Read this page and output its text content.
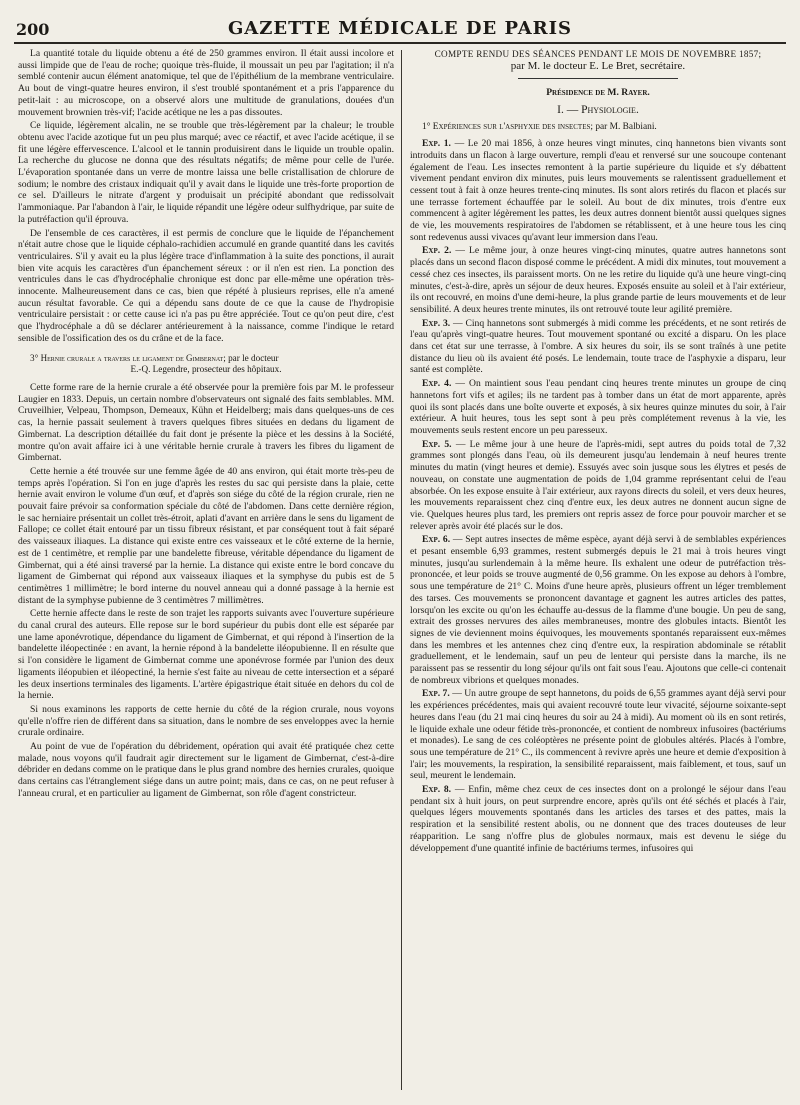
200	GAZETTE MÉDICALE DE PARIS

La quantité totale du liquide obtenu a été de 250 grammes environ. Il était aussi incolore et aussi limpide que de l'eau de roche; quoique très-fluide, il moussait un peu par l'agitation; il n'a semblé contenir aucun élément anatomique, tel que de l'épithélium de la membrane ventriculaire. Au bout de vingt-quatre heures environ, il s'est troublé spontanément et a pris l'apparence du petit-lait : au microscope, on a observé alors une multitude de granulations, douées d'un mouvement brownien très-vif; l'acide acétique ne les a pas dissoutes.

Ce liquide, légèrement alcalin, ne se trouble que très-légèrement par la chaleur; le trouble obtenu avec l'acide azotique fut un peu plus marqué; avec ce réactif, et avec l'acide acétique, il se fit une légère effervescence. L'alcool et le tannin produisirent dans le liquide un trouble opalin. La recherche du glucose ne donna que des résultats négatifs; de même pour celle de l'urée. L'évaporation spontanée dans un verre de montre laissa une belle cristallisation de chlorure de sodium; le nombre des cristaux indiquait qu'il y avait dans le liquide une très-forte proportion de ce sel. D'ailleurs le nitrate d'argent y produisait un précipité abondant que redissolvait l'ammoniaque. Par l'abandon à l'air, le liquide répandit une légère odeur sulfhydrique, par suite de la putréfaction qu'il éprouva.

De l'ensemble de ces caractères, il est permis de conclure que le liquide de l'épanchement n'était autre chose que le liquide céphalo-rachidien accumulé en grande quantité dans les cavités ventriculaires. S'il y avait eu la plus légère trace d'inflammation à la suite des ponctions, il aurait bien vite acquis les caractères d'un épanchement séreux : or il n'en est rien. La ponction des ventricules dans le cas d'hydrocéphalie chronique est donc par elle-même une opération très-innocente. Malheureusement dans ce cas, bien que répété à plusieurs reprises, elle n'a amené aucun résultat favorable. Ce qui a dépendu sans doute de ce que la cause de l'hydropisie ventriculaire persistait : or cette cause ici n'a pas pu être appréciée. Tout ce qu'on peut dire, c'est que l'hydrocéphale a dû se déclarer antérieurement à la naissance, comme l'indique le retard sensible de l'ossification des os du crâne et de la face.

3° Hernie crurale a travers le ligament de Gimbernat; par le docteur
E.-Q. Legendre, prosecteur des hôpitaux.

Cette forme rare de la hernie crurale a été observée pour la première fois par M. le professeur Laugier en 1833. Depuis, un certain nombre d'observateurs ont signalé des faits semblables. MM. Cruveilhier, Velpeau, Thompson, Demeaux, Kühn et Heidelberg; mais dans quelques-uns de ces cas, la hernie passait seulement à travers quelques fibres situées en dedans du ligament de Gimbernat. La description détaillée du fait dont je présente la pièce et les dessins à la Société, montre qu'on avait affaire ici à une véritable hernie crurale à travers les fibres du ligament de Gimbernat.

Cette hernie a été trouvée sur une femme âgée de 40 ans environ, qui était morte très-peu de temps après l'opération. Si l'on en juge d'après les restes du sac qui persiste dans la plaie, cette hernie avait environ le volume d'un œuf, et d'après son siége du côté de la région crurale, rien ne pouvait faire prévoir sa conformation spéciale du côté de l'abdomen. Dans cette dernière région, le sac herniaire présentait un collet très-étroit, aplati d'avant en arrière dans le sens du ligament de Fallope; ce collet était entouré par un tissu fibreux résistant, et par conséquent tout à fait séparé des vaisseaux iliaques. La distance qui existe entre ces vaisseaux et le côté externe de la hernie, est de 1 centimètre, et remplie par une bandelette fibreuse, véritable dépendance du ligament de Gimbernat, qui a été ainsi traversé par la hernie. La distance qui existe entre le bord concave du ligament de Gimbernat qui répond aux vaisseaux iliaques et la symphyse du pubis est de 5 centimètres 1 millimètre; le bord interne du nouvel anneau qui a donné passage à la hernie est distant de la symphyse pubienne de 3 centimètres 7 millimètres.

Cette hernie affecte dans le reste de son trajet les rapports suivants avec l'ouverture supérieure du canal crural des auteurs. Elle repose sur le bord supérieur du pubis dont elle est séparée par une lame aponévrotique, dépendance du ligament de Gimbernat, et qui répond à l'insertion de la bandelette iléopectinée : en avant, la hernie répond à la bandelette iléopubienne. Il en résulte que si l'on considère le ligament de Gimbernat comme une aponévrose formée par l'union des deux ligaments iléopubien et iléopectiné, la hernie s'est faite au niveau de cette intersection et a séparé les deux insertions terminales des ligaments. L'artère épigastrique était située en dehors du col de la hernie.

Si nous examinons les rapports de cette hernie du côté de la région crurale, nous voyons qu'elle n'offre rien de différent dans sa situation, dans le nombre de ses enveloppes avec la hernie crurale ordinaire.

Au point de vue de l'opération du débridement, opération qui avait été pratiquée chez cette malade, nous voyons qu'il faudrait agir directement sur le ligament de Gimbernat, c'est-à-dire débrider en dedans comme on le pratique dans le plus grand nombre des hernies crurales, quoique dans certains cas l'étranglement siége dans un autre point; mais, dans ce cas, on ne peut refuser à l'anneau crural, et en particulier au ligament de Gimbernat, son rôle d'agent constricteur.

COMPTE RENDU DES SÉANCES PENDANT LE MOIS DE NOVEMBRE 1857;
par M. le docteur E. Le Bret, secrétaire.
Présidence de M. Rayer.
I. — Physiologie.
1° Expériences sur l'asphyxie des insectes; par M. Balbiani.

Exp. 1. — Le 20 mai 1856, à onze heures vingt minutes, cinq hannetons bien vivants sont introduits dans un flacon à large ouverture, rempli d'eau et renversé sur une soucoupe contenant également de l'eau. Les insectes remontent à la partie supérieure du liquide et s'y débattent vivement pendant environ dix minutes, puis leurs mouvements se ralentissent graduellement et cessent tout à fait à onze heures trente-cinq minutes. Ils sont alors retirés du flacon et placés sur une terrasse fortement échauffée par le soleil. Au bout de dix minutes, trois d'entre eux commencent à agiter légèrement les pattes, les deux autres donnent bientôt aussi quelques signes de vie, les mouvements respiratoires de l'abdomen se rétablissent, et à une heure tous les cinq sont redevenus aussi vivaces qu'avant leur immersion dans l'eau.

Exp. 2. — Le même jour, à onze heures vingt-cinq minutes, quatre autres hannetons sont placés dans un second flacon disposé comme le précédent. A midi dix minutes, tout mouvement a cessé chez ces insectes, ils paraissent morts. On ne les retire du liquide qu'à une heure vingt-cinq minutes, c'est-à-dire, après un séjour de deux heures. Exposés ensuite au soleil et à l'air extérieur, ils ont recouvré, en moins d'une demi-heure, la plus grande partie de leurs mouvements et de leur sensibilité. A deux heures trente minutes, ils ont retrouvé toute leur agilité première.

Exp. 3. — Cinq hannetons sont submergés à midi comme les précédents, et ne sont retirés de l'eau qu'après vingt-quatre heures. Tout mouvement spontané ou excité a disparu. On les place dans cet état sur une terrasse, à l'ombre. A six heures du soir, ils se sont traînés à une petite distance du lieu où ils avaient été posés. Le lendemain, toute trace de l'asphyxie a disparu, leur santé est complète.

Exp. 4. — On maintient sous l'eau pendant cinq heures trente minutes un groupe de cinq hannetons fort vifs et agiles; ils ne tardent pas à tomber dans un état de mort apparente, après quoi ils sont placés dans une boîte ouverte et exposés, à six heures quinze minutes du soir, à l'air extérieur. A huit heures, tous les sept sont à peu près complétement revenus à la vie, les mouvements seuls restent encore un peu paresseux.

Exp. 5. — Le même jour à une heure de l'après-midi, sept autres du poids total de 7,32 grammes sont plongés dans l'eau, où ils demeurent jusqu'au lendemain à neuf heures trente minutes du matin (vingt heures et demie). Essuyés avec soin jusque sous les élytres et pesés de nouveau, on constate une augmentation de poids de 1,04 gramme représentant celui de l'eau absorbée. On les expose ensuite à l'air extérieur, aux rayons directs du soleil, et vers deux heures, les mouvements reparaissent chez cinq d'entre eux, les deux autres ne donnent aucun signe de vie. Quelques heures plus tard, les premiers ont repris assez de force pour pouvoir marcher et se relever après avoir été placés sur le dos.

Exp. 6. — Sept autres insectes de même espèce, ayant déjà servi à de semblables expériences et pesant ensemble 6,93 grammes, restent submergés depuis le 21 mai à trois heures vingt minutes, jusqu'au surlendemain à la même heure. Ils exhalent une odeur de putréfaction très-prononcée, et leur poids se trouve augmenté de 0,56 gramme. On les expose au dehors à l'ombre, sous une température de 21° C. Moins d'une heure après, plusieurs offrent un léger tremblement des tarses. Ces mouvements se prononcent davantage et gagnent les autres articles des pattes, lorsqu'on les excite ou qu'on les échauffe au-dessus de la flamme d'une bougie. Un peu de sang, extrait des grosses nervures des ailes membraneuses, montre des globules intacts. Bientôt les signes de vie deviennent moins équivoques, les mouvements spontanés reparaissent eux-mêmes dans les membres et les antennes chez cinq d'entre eux, la respiration abdominale se rétablit graduellement, et le lendemain, sauf un peu de lenteur qui persiste dans la marche, ils ne paraissent pas se ressentir du long séjour qu'ils ont fait sous l'eau. Ajoutons que celle-ci contenait de nombreux vibrions et quelques monades.

Exp. 7. — Un autre groupe de sept hannetons, du poids de 6,55 grammes ayant déjà servi pour les expériences précédentes, mais qui avaient recouvré toute leur vivacité, séjourne soixante-sept heures dans l'eau (du 21 mai cinq heures du soir au 24 à midi). Au moment où ils en sont retirés, le liquide exhale une odeur fétide très-prononcée, et contient de nombreux infusoires (bactériums et monades). Le sang de ces coléoptères ne présente point de globules altérés. Placés à l'ombre, sous une température de 21° C., ils commencent à revivre après une heure et demie d'exposition à l'air; les mouvements, la respiration, la sensibilité reparaissent, mais faiblement, et tous, sauf un seul, meurent le lendemain.

Exp. 8. — Enfin, même chez ceux de ces insectes dont on a prolongé le séjour dans l'eau pendant six à huit jours, on peut surprendre encore, après qu'ils ont été séchés et placés à l'air, quelques légers mouvements spontanés dans les articles des tarses et des pattes, mais la respiration et la sensibilité restent abolis, ou ne donnent que des traces douteuses de leur réapparition. Le sang n'offre plus de globules normaux, mais est devenu le siége du développement d'une quantité infinie de bactériums termes, infusoires qui
